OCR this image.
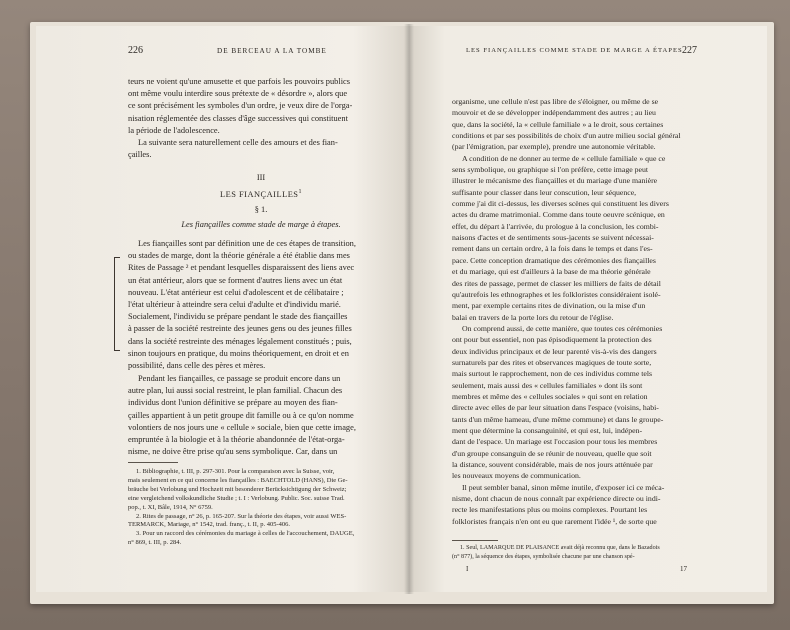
226	DE BERCEAU A LA TOMBE

teurs ne voient qu'une amusette et que parfois les pouvoirs publics

ont même voulu interdire sous prétexte de « désordre », alors que

ce sont précisément les symboles d'un ordre, je veux dire de l'orga-

nisation réglementée des classes d'âge successives qui constituent

la période de l'adolescence.

La suivante sera naturellement celle des amours et des fian-

çailles.

III
LES FIANÇAILLES$^1$
§ 1.
Les fiançailles comme stade de marge à étapes.

Les fiançailles sont par définition une de ces étapes de transition,

ou stades de marge, dont la théorie générale a été établie dans mes

Rites de Passage ² et pendant lesquelles disparaissent des liens avec

un état antérieur, alors que se forment d'autres liens avec un état

nouveau. L'état antérieur est celui d'adolescent et de célibataire ;

l'état ultérieur à atteindre sera celui d'adulte et d'individu marié.

Socialement, l'individu se prépare pendant le stade des fiançailles

à passer de la société restreinte des jeunes gens ou des jeunes filles

dans la société restreinte des ménages légalement constitués ; puis,

sinon toujours en pratique, du moins théoriquement, en droit et en

possibilité, dans celle des pères et mères.

Pendant les fiançailles, ce passage se produit encore dans un

autre plan, lui aussi social restreint, le plan familial. Chacun des

individus dont l'union définitive se prépare au moyen des fian-

çailles appartient à un petit groupe dit famille ou à ce qu'on nomme

volontiers de nos jours une « cellule » sociale, bien que cette image,

empruntée à la biologie et à la théorie abandonnée de l'état-orga-

nisme, ne doive être prise qu'au sens symbolique. Car, dans un

1. Bibliographie, t. III, p. 297-301. Pour la comparaison avec la Suisse, voir,

mais seulement en ce qui concerne les fiançailles : BAECHTOLD (HANS), Die Ge-

bräuche bei Verlobung und Hochzeit mit besonderer Berücksichtigung der Schweiz;

eine vergleichend volkskundliche Studie ; t. I : Verlobung. Public. Soc. suisse Trad.

pop., t. XI, Bâle, 1914, N° 6759.

2. Rites de passage, n° 26, p. 165-207. Sur la théorie des étapes, voir aussi WES-

TERMARCK, Mariage, n° 1542, trad. franç., t. II, p. 405-406.

3. Pour un raccord des cérémonies du mariage à celles de l'accouchement, DAUGE,

n° 869, t. III, p. 284.

LES FIANÇAILLES COMME STADE DE MARGE A ÉTAPES 227

organisme, une cellule n'est pas libre de s'éloigner, ou même de se

mouvoir et de se développer indépendamment des autres ; au lieu

que, dans la société, la « cellule familiale » a le droit, sous certaines

conditions et par ses possibilités de choix d'un autre milieu social général

(par l'émigration, par exemple), prendre une autonomie véritable.

A condition de ne donner au terme de « cellule familiale » que ce

sens symbolique, ou graphique si l'on préfère, cette image peut

illustrer le mécanisme des fiançailles et du mariage d'une manière

suffisante pour classer dans leur conscution, leur séquence,

comme j'ai dit ci-dessus, les diverses scènes qui constituent les divers

actes du drame matrimonial. Comme dans toute oeuvre scénique, en

effet, du départ à l'arrivée, du prologue à la conclusion, les combi-

naisons d'actes et de sentiments sous-jacents se suivent nécessai-

rement dans un certain ordre, à la fois dans le temps et dans l'es-

pace. Cette conception dramatique des cérémonies des fiançailles

et du mariage, qui est d'ailleurs à la base de ma théorie générale

des rites de passage, permet de classer les milliers de faits de détail

qu'autrefois les ethnographes et les folkloristes considéraient isolé-

ment, par exemple certains rites de divination, ou la mise d'un

balai en travers de la porte lors du retour de l'église.

On comprend aussi, de cette manière, que toutes ces cérémonies

ont pour but essentiel, non pas épisodiquement la protection des

deux individus principaux et de leur parenté vis-à-vis des dangers

surnaturels par des rites et observances magiques de toute sorte,

mais surtout le rapprochement, non de ces individus comme tels

seulement, mais aussi des « cellules familiales » dont ils sont

membres et même des « cellules sociales » qui sont en relation

directe avec elles de par leur situation dans l'espace (voisins, habi-

tants d'un même hameau, d'une même commune) et dans le groupe-

ment que détermine la consanguinité, et qui est, lui, indépen-

dant de l'espace. Un mariage est l'occasion pour tous les membres

d'un groupe consanguin de se réunir de nouveau, quelle que soit

la distance, souvent considérable, mais de nos jours atténuée par

les nouveaux moyens de communication.

Il peut sembler banal, sinon même inutile, d'exposer ici ce méca-

nisme, dont chacun de nous connaît par expérience directe ou indi-

recte les manifestations plus ou moins complexes. Pourtant les

folkloristes français n'en ont eu que rarement l'idée ¹, de sorte que

1. Seul, LAMARQUE DE PLAISANCE avait déjà reconnu que, dans le Bazadois

(n° 877), la séquence des étapes, symbolisée chacune par une chanson spé-

I	17
